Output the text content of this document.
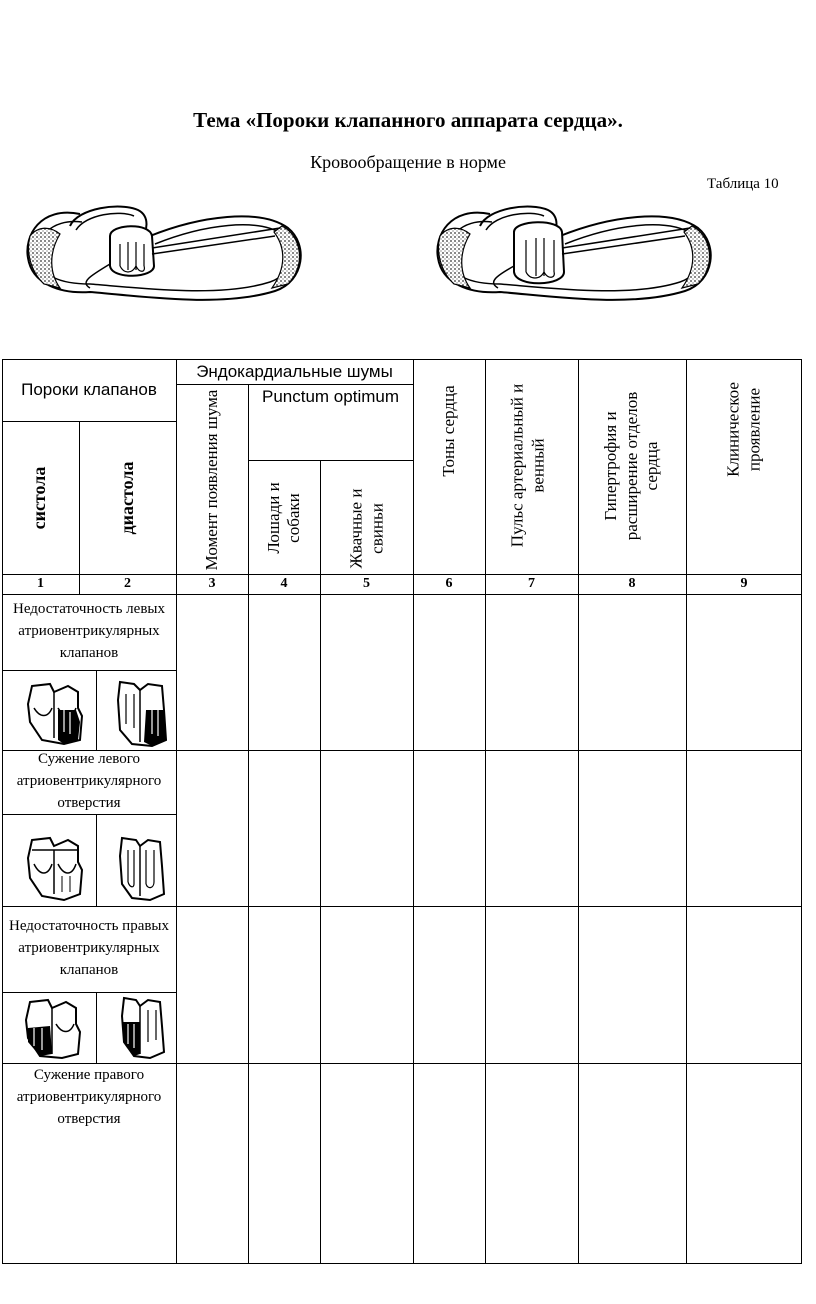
Тема «Пороки клапанного аппарата сердца».
Кровообращение в норме
Таблица 10
Пороки клапанов
систола	диастола
Эндокардиальные шумы
Момент появления шума	Punctum optimum
Лошади и собаки	Жвачные и свиньи
Тоны сердца	Пульс артериальный и венный	Гипертрофия и расширение отделов сердца	Клиническое проявление
1	2	3	4	5	6	7	8	9
Недостаточность левых атриовентрикулярных клапанов
Сужение левого атриовентрикулярного отверстия
Недостаточность правых атриовентрикулярных клапанов
Сужение правого атриовентрикулярного отверстия
